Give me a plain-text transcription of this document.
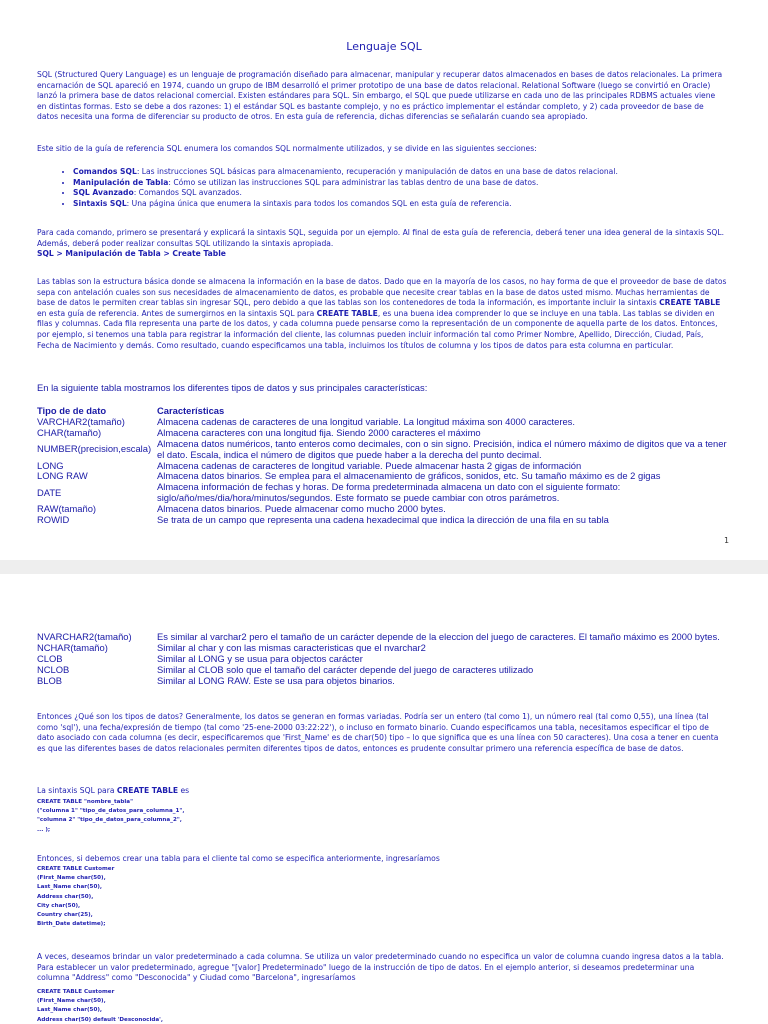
Lenguaje SQL

SQL (Structured Query Language) es un lenguaje de programación diseñado para almacenar, manipular y recuperar datos almacenados en bases de datos relacionales. La primera encarnación de SQL apareció en 1974, cuando un grupo de IBM desarrolló el primer prototipo de una base de datos relacional. Relational Software (luego se convirtió en Oracle) lanzó la primera base de datos relacional comercial. Existen estándares para SQL. Sin embargo, el SQL que puede utilizarse en cada uno de las principales RDBMS actuales viene en distintas formas. Esto se debe a dos razones: 1) el estándar SQL es bastante complejo, y no es práctico implementar el estándar completo, y 2) cada proveedor de base de datos necesita una forma de diferenciar su producto de otros. En esta guía de referencia, dichas diferencias se señalarán cuando sea apropiado.

Este sitio de la guía de referencia SQL enumera los comandos SQL normalmente utilizados, y se divide en las siguientes secciones:

• Comandos SQL: Las instrucciones SQL básicas para almacenamiento, recuperación y manipulación de datos en una base de datos relacional.
• Manipulación de Tabla: Cómo se utilizan las instrucciones SQL para administrar las tablas dentro de una base de datos.
• SQL Avanzado: Comandos SQL avanzados.
• Sintaxis SQL: Una página única que enumera la sintaxis para todos los comandos SQL en esta guía de referencia.

Para cada comando, primero se presentará y explicará la sintaxis SQL, seguida por un ejemplo. Al final de esta guía de referencia, deberá tener una idea general de la sintaxis SQL. Además, deberá poder realizar consultas SQL utilizando la sintaxis apropiada.

SQL > Manipulación de Tabla > Create Table

Las tablas son la estructura básica donde se almacena la información en la base de datos. Dado que en la mayoría de los casos, no hay forma de que el proveedor de base de datos sepa con antelación cuales son sus necesidades de almacenamiento de datos, es probable que necesite crear tablas en la base de datos usted mismo. Muchas herramientas de base de datos le permiten crear tablas sin ingresar SQL, pero debido a que las tablas son los contenedores de toda la información, es importante incluir la sintaxis CREATE TABLE en esta guía de referencia. Antes de sumergirnos en la sintaxis SQL para CREATE TABLE, es una buena idea comprender lo que se incluye en una tabla. Las tablas se dividen en filas y columnas. Cada fila representa una parte de los datos, y cada columna puede pensarse como la representación de un componente de aquella parte de los datos. Entonces, por ejemplo, si tenemos una tabla para registrar la información del cliente, las columnas pueden incluir información tal como Primer Nombre, Apellido, Dirección, Ciudad, País, Fecha de Nacimiento y demás. Como resultado, cuando especificamos una tabla, incluimos los títulos de columna y los tipos de datos para esta columna en particular.

En la siguiente tabla mostramos los diferentes tipos de datos y sus principales características:

Tipo de de dato	Características
VARCHAR2(tamaño)	Almacena cadenas de caracteres de una longitud variable. La longitud máxima son 4000 caracteres.
CHAR(tamaño)	Almacena caracteres con una longitud fija. Siendo 2000 caracteres el máximo
NUMBER(precision,escala)	Almacena datos numéricos, tanto enteros como decimales, con o sin signo. Precisión, indica el número máximo de digitos que va a tener el dato. Escala, indica el número de digitos que puede haber a la derecha del punto decimal.
LONG	Almacena cadenas de caracteres de longitud variable. Puede almacenar hasta 2 gigas de información
LONG RAW	Almacena datos binarios. Se emplea para el almacenamiento de gráficos, sonidos, etc. Su tamaño máximo es de 2 gigas
DATE	Almacena información de fechas y horas. De forma predeterminada almacena un dato con el siguiente formato: siglo/año/mes/dia/hora/minutos/segundos. Este formato se puede cambiar con otros parámetros.
RAW(tamaño)	Almacena datos binarios. Puede almacenar como mucho 2000 bytes.
ROWID	Se trata de un campo que representa una cadena hexadecimal que indica la dirección de una fila en su tabla
1
NVARCHAR2(tamaño)	Es similar al varchar2 pero el tamaño de un carácter depende de la eleccion del juego de caracteres. El tamaño máximo es 2000 bytes.
NCHAR(tamaño)	Similar al char y con las mismas caracteristicas que el nvarchar2
CLOB	Similar al LONG y se usua para objectos carácter
NCLOB	Similar al CLOB solo que el tamaño del carácter depende del juego de caracteres utilizado
BLOB	Similar al LONG RAW. Este se usa para objetos binarios.

Entonces ¿Qué son los tipos de datos? Generalmente, los datos se generan en formas variadas. Podría ser un entero (tal como 1), un número real (tal como 0,55), una línea (tal como 'sql'), una fecha/expresión de tiempo (tal como '25-ene-2000 03:22:22'), o incluso en formato binario. Cuando especificamos una tabla, necesitamos especificar el tipo de dato asociado con cada columna (es decir, especificaremos que 'First_Name' es de char(50) tipo – lo que significa que es una línea con 50 caracteres). Una cosa a tener en cuenta es que las diferentes bases de datos relacionales permiten diferentes tipos de datos, entonces es prudente consultar primero una referencia específica de base de datos.

La sintaxis SQL para CREATE TABLE es

CREATE TABLE "nombre_tabla"
("columna 1" "tipo_de_datos_para_columna_1",
"columna 2" "tipo_de_datos_para_columna_2",
... );

Entonces, si debemos crear una tabla para el cliente tal como se especifica anteriormente, ingresaríamos

CREATE TABLE Customer
(First_Name char(50),
Last_Name char(50),
Address char(50),
City char(50),
Country char(25),
Birth_Date datetime);

A veces, deseamos brindar un valor predeterminado a cada columna. Se utiliza un valor predeterminado cuando no especifica un valor de columna cuando ingresa datos a la tabla. Para establecer un valor predeterminado, agregue "[valor] Predeterminado" luego de la instrucción de tipo de datos. En el ejemplo anterior, si deseamos predeterminar una columna "Address" como "Desconocida" y Ciudad como "Barcelona", ingresaríamos

CREATE TABLE Customer
(First_Name char(50),
Last_Name char(50),
Address char(50) default 'Desconocida',
